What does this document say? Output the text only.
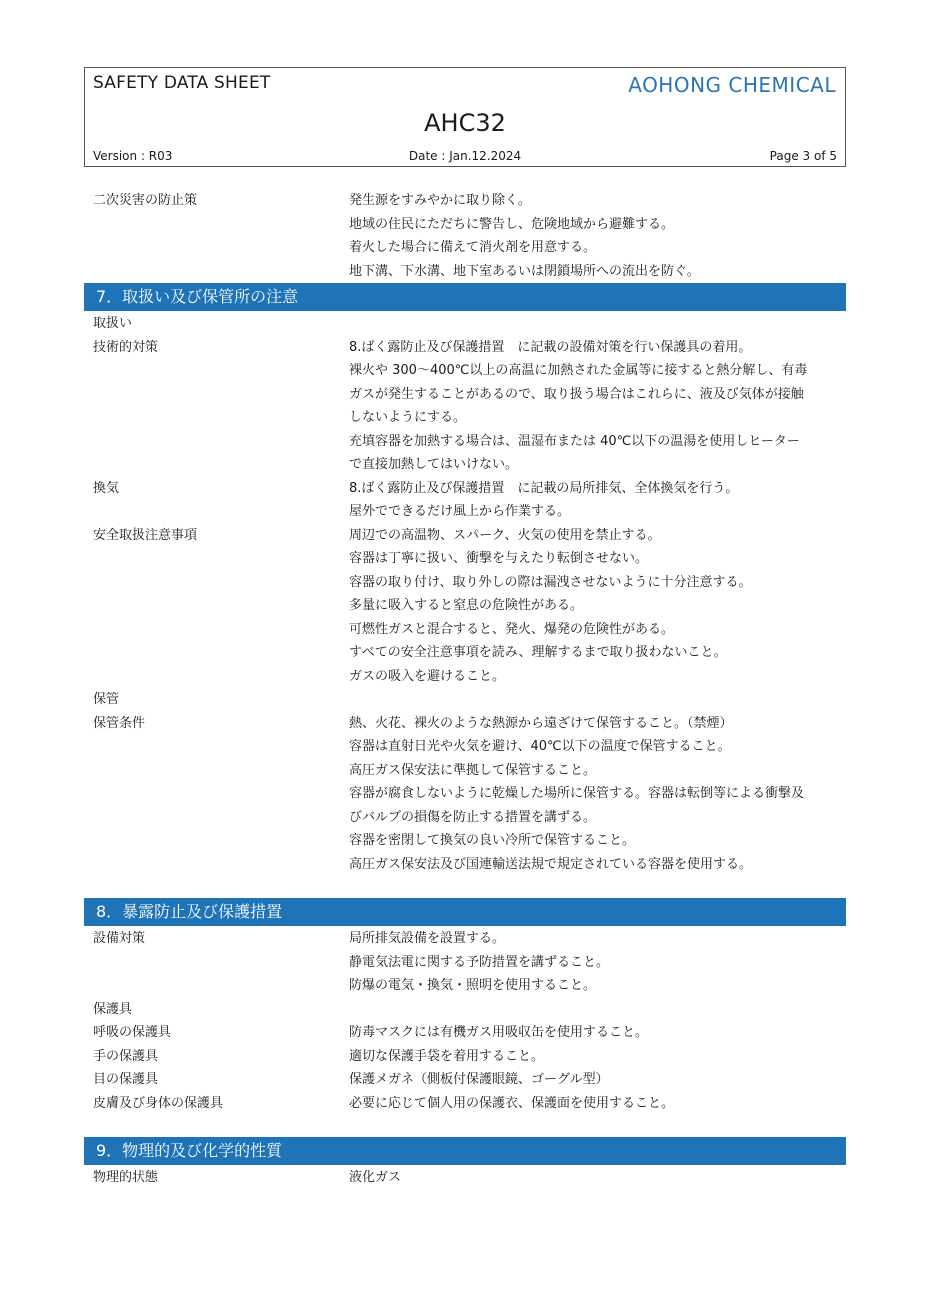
SAFETY DATA SHEET	AOHONG CHEMICAL
AHC32
Version : R03	Date : Jan.12.2024	Page 3 of 5
二次災害の防止策	発生源をすみやかに取り除く。
地域の住民にただちに警告し、危険地域から避難する。
着火した場合に備えて消火剤を用意する。
地下溝、下水溝、地下室あるいは閉鎖場所への流出を防ぐ。
7．取扱い及び保管所の注意
取扱い
技術的対策	8.ばく露防止及び保護措置　に記載の設備対策を行い保護具の着用。
裸火や 300～400℃以上の高温に加熱された金属等に接すると熱分解し、有毒
ガスが発生することがあるので、取り扱う場合はこれらに、液及び気体が接触
しないようにする。
充填容器を加熱する場合は、温湿布または 40℃以下の温湯を使用しヒーター
で直接加熱してはいけない。
換気	8.ばく露防止及び保護措置　に記載の局所排気、全体換気を行う。
屋外でできるだけ風上から作業する。
安全取扱注意事項	周辺での高温物、スパーク、火気の使用を禁止する。
容器は丁寧に扱い、衝撃を与えたり転倒させない。
容器の取り付け、取り外しの際は漏洩させないように十分注意する。
多量に吸入すると窒息の危険性がある。
可燃性ガスと混合すると、発火、爆発の危険性がある。
すべての安全注意事項を読み、理解するまで取り扱わないこと。
ガスの吸入を避けること。
保管
保管条件	熱、火花、裸火のような熱源から遠ざけて保管すること。（禁煙）
容器は直射日光や火気を避け、40℃以下の温度で保管すること。
高圧ガス保安法に準拠して保管すること。
容器が腐食しないように乾燥した場所に保管する。容器は転倒等による衝撃及
びバルブの損傷を防止する措置を講ずる。
容器を密閉して換気の良い冷所で保管すること。
高圧ガス保安法及び国連輸送法規で規定されている容器を使用する。
8．暴露防止及び保護措置
設備対策	局所排気設備を設置する。
静電気法電に関する予防措置を講ずること。
防爆の電気・換気・照明を使用すること。
保護具
呼吸の保護具	防毒マスクには有機ガス用吸収缶を使用すること。
手の保護具	適切な保護手袋を着用すること。
目の保護具	保護メガネ（側板付保護眼鏡、ゴーグル型）
皮膚及び身体の保護具	必要に応じて個人用の保護衣、保護面を使用すること。
9．物理的及び化学的性質
物理的状態	液化ガス
